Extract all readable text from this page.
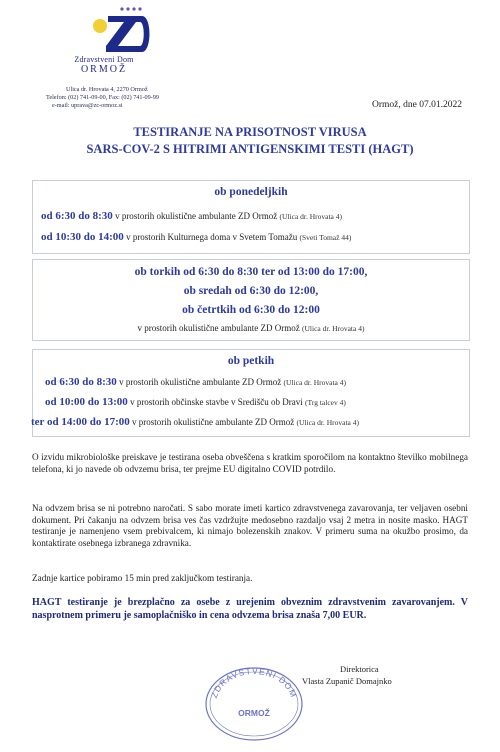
Zdravstveni Dom
ORMOŽ
Ulica dr. Hrovata 4, 2270 Ormož
Telefon: (02) 741-09-00, Fax: (02) 741-09-99
e-mail: uprava@zc-ormoz.si	Ormož, dne 07.01.2022
TESTIRANJE NA PRISOTNOST VIRUSA
SARS-COV-2 S HITRIMI ANTIGENSKIMI TESTI (HAGT)
ob ponedeljkih
od 6:30 do 8:30 v prostorih okulistične ambulante ZD Ormož (Ulica dr. Hrovata 4)
od 10:30 do 14:00 v prostorih Kulturnega doma v Svetem Tomažu (Sveti Tomaž 44)
ob torkih od 6:30 do 8:30 ter od 13:00 do 17:00,
ob sredah od 6:30 do 12:00,
ob četrtkih od 6:30 do 12:00
v prostorih okulistične ambulante ZD Ormož (Ulica dr. Hrovata 4)
ob petkih
od 6:30 do 8:30 v prostorih okulistične ambulante ZD Ormož (Ulica dr. Hrovata 4)
od 10:00 do 13:00 v prostorih občinske stavbe v Središču ob Dravi (Trg talcev 4)
ter od 14:00 do 17:00 v prostorih okulistične ambulante ZD Ormož (Ulica dr. Hrovata 4)
O izvidu mikrobiološke preiskave je testirana oseba obveščena s kratkim sporočilom na kontaktno številko mobilnega telefona, ki jo navede ob odvzemu brisa, ter prejme EU digitalno COVID potrdilo.
Na odvzem brisa se ni potrebno naročati. S sabo morate imeti kartico zdravstvenega zavarovanja, ter veljaven osebni dokument. Pri čakanju na odvzem brisa ves čas vzdržujte medosebno razdaljo vsaj 2 metra in nosite masko. HAGT testiranje je namenjeno vsem prebivalcem, ki nimajo bolezenskih znakov. V primeru suma na okužbo prosimo, da kontaktirate osebnega izbranega zdravnika.
Zadnje kartice pobiramo 15 min pred zaključkom testiranja.
HAGT testiranje je brezplačno za osebe z urejenim obveznim zdravstvenim zavarovanjem. V nasprotnem primeru je samoplačniško in cena odvzema brisa znaša 7,00 EUR.
ZDRAVSTVENI DOM
ORMOŽ
Direktorica
Vlasta Zupanič Domajnko
